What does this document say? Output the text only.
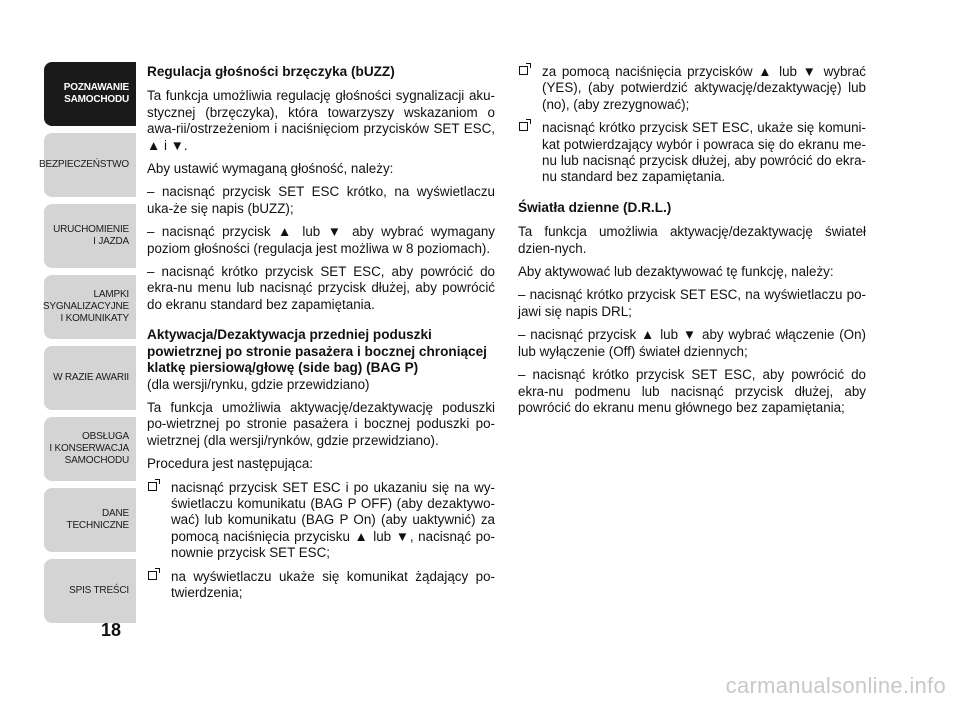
POZNAWANIE
SAMOCHODU
BEZPIECZEŃSTWO
URUCHOMIENIE
I JAZDA
LAMPKI
SYGNALIZACYJNE
I KOMUNIKATY
W RAZIE AWARII
OBSŁUGA
I KONSERWACJA
SAMOCHODU
DANE
TECHNICZNE
SPIS TREŚCI
18
Regulacja głośności brzęczyka (bUZZ)

Ta funkcja umożliwia regulację głośności sygnalizacji aku-stycznej (brzęczyka), która towarzyszy wskazaniom o awa-rii/ostrzeżeniom i naciśnięciom przycisków SET ESC, ▲ i ▼.

Aby ustawić wymaganą głośność, należy:

– nacisnąć przycisk SET ESC krótko, na wyświetlaczu uka-że się napis (bUZZ);

– nacisnąć przycisk ▲ lub ▼ aby wybrać wymagany poziom głośności (regulacja jest możliwa w 8 poziomach).

– nacisnąć krótko przycisk SET ESC, aby powrócić do ekra-nu menu lub nacisnąć przycisk dłużej, aby powrócić do ekranu standard bez zapamiętania.

Aktywacja/Dezaktywacja przedniej poduszki powietrznej po stronie pasażera i bocznej chroniącej klatkę piersiową/głowę (side bag) (BAG P)

(dla wersji/rynku, gdzie przewidziano)

Ta funkcja umożliwia aktywację/dezaktywację poduszki po-wietrznej po stronie pasażera i bocznej poduszki po-wietrznej (dla wersji/rynków, gdzie przewidziano).

Procedura jest następująca:

nacisnąć przycisk SET ESC i po ukazaniu się na wy-świetlaczu komunikatu (BAG P OFF) (aby dezaktywo-wać) lub komunikatu (BAG P On) (aby uaktywnić) za pomocą naciśnięcia przycisku ▲ lub ▼, nacisnąć po-nownie przycisk SET ESC;
na wyświetlaczu ukaże się komunikat żądający po-twierdzenia;
za pomocą naciśnięcia przycisków ▲ lub ▼ wybrać (YES), (aby potwierdzić aktywację/dezaktywację) lub (no), (aby zrezygnować);
nacisnąć krótko przycisk SET ESC, ukaże się komuni-kat potwierdzający wybór i powraca się do ekranu me-nu lub nacisnąć przycisk dłużej, aby powrócić do ekra-nu standard bez zapamiętania.
Światła dzienne (D.R.L.)

Ta funkcja umożliwia aktywację/dezaktywację świateł dzien-nych.

Aby aktywować lub dezaktywować tę funkcję, należy:

– nacisnąć krótko przycisk SET ESC, na wyświetlaczu po-jawi się napis DRL;

– nacisnąć przycisk ▲ lub ▼ aby wybrać włączenie (On) lub wyłączenie (Off) świateł dziennych;

– nacisnąć krótko przycisk SET ESC, aby powrócić do ekra-nu podmenu lub nacisnąć przycisk dłużej, aby powrócić do ekranu menu głównego bez zapamiętania;

carmanualsonline.info
